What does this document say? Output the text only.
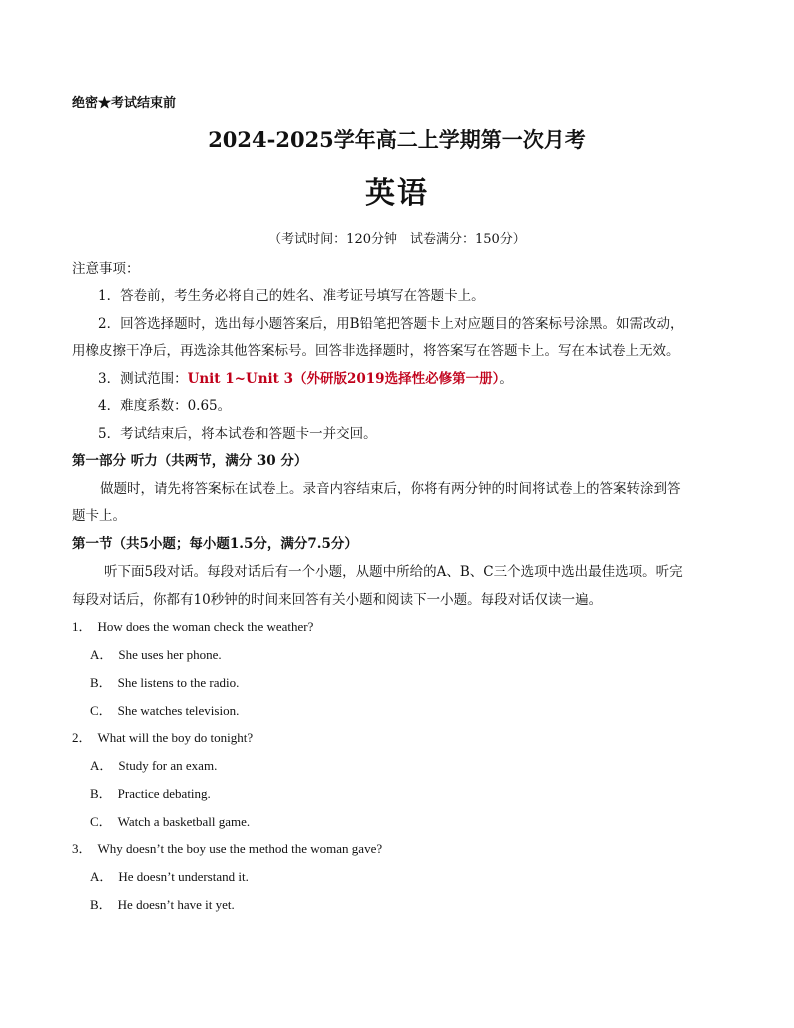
绝密★考试结束前
2024-2025学年高二上学期第一次月考
英语
（考试时间：120分钟　试卷满分：150分）
注意事项：
1．答卷前，考生务必将自己的姓名、准考证号填写在答题卡上。
2．回答选择题时，选出每小题答案后，用B铅笔把答题卡上对应题目的答案标号涂黑。如需改动，
用橡皮擦干净后，再选涂其他答案标号。回答非选择题时，将答案写在答题卡上。写在本试卷上无效。
3．测试范围：Unit 1~Unit 3（外研版2019选择性必修第一册）。
4．难度系数：0.65。
5．考试结束后，将本试卷和答题卡一并交回。
第一部分 听力（共两节，满分 30 分）
做题时，请先将答案标在试卷上。录音内容结束后，你将有两分钟的时间将试卷上的答案转涂到答
题卡上。
第一节（共5小题；每小题1.5分，满分7.5分）
听下面5段对话。每段对话后有一个小题，从题中所给的A、B、C三个选项中选出最佳选项。听完
每段对话后，你都有10秒钟的时间来回答有关小题和阅读下一小题。每段对话仅读一遍。
1． How does the woman check the weather?
A． She uses her phone.
B． She listens to the radio.
C． She watches television.
2． What will the boy do tonight?
A． Study for an exam.
B． Practice debating.
C． Watch a basketball game.
3． Why doesn’t the boy use the method the woman gave?
A． He doesn’t understand it.
B． He doesn’t have it yet.
